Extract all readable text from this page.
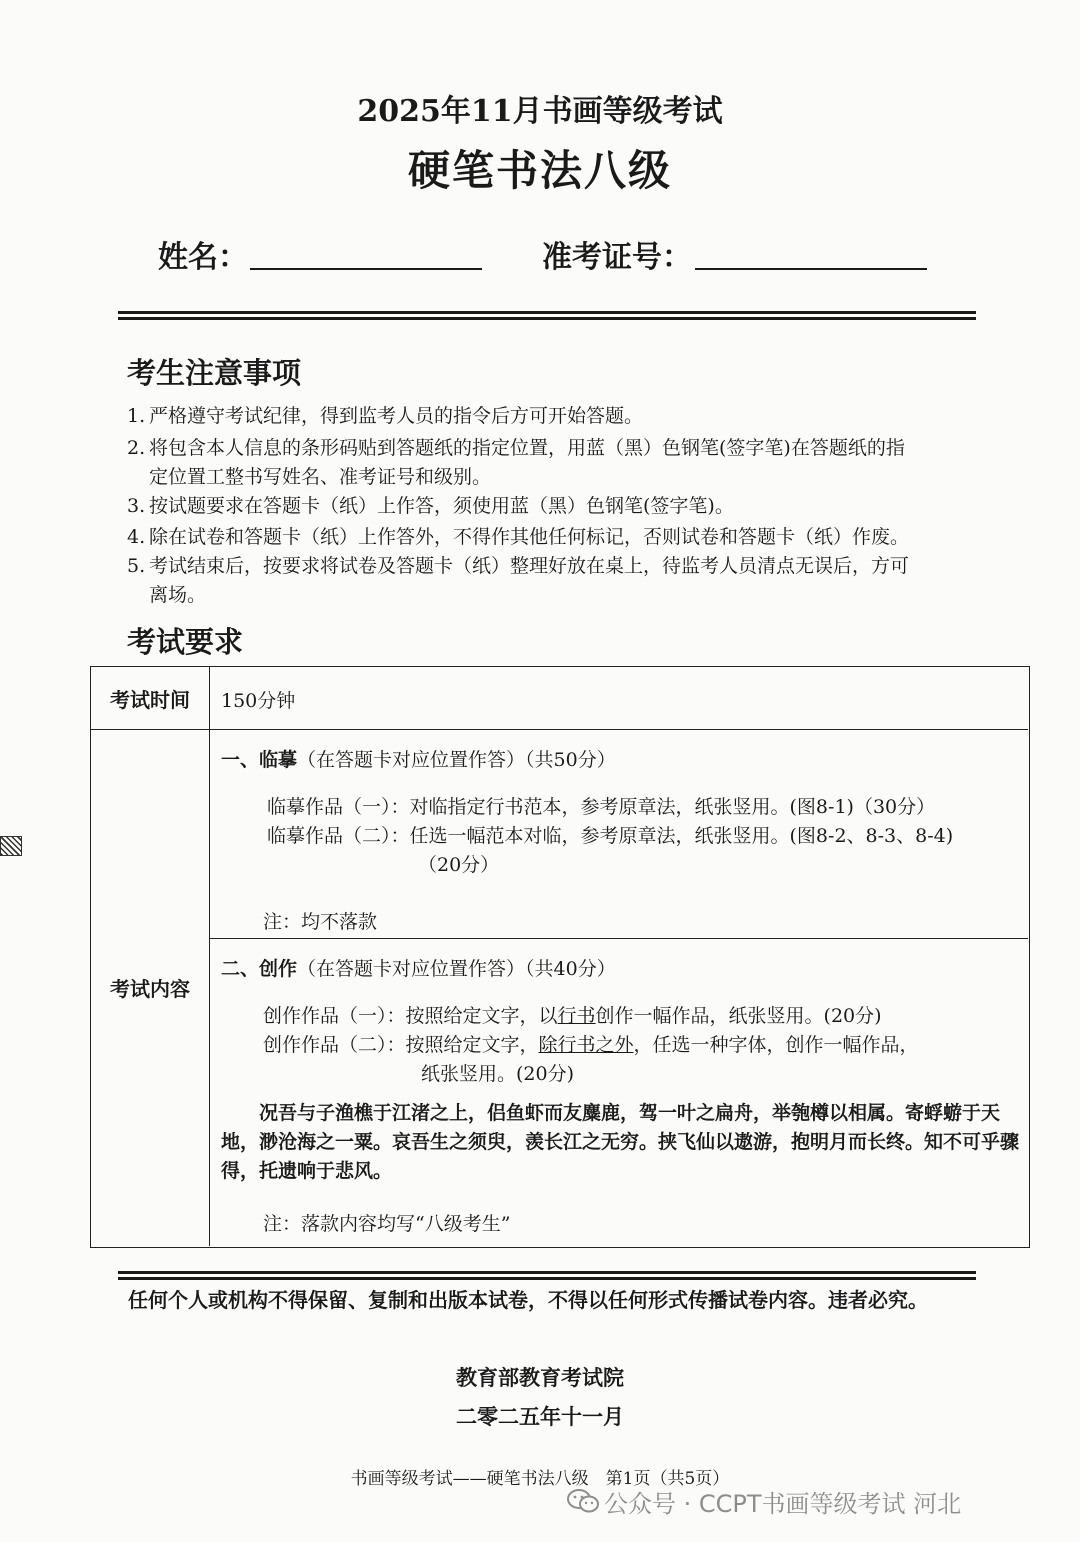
2025年11月书画等级考试
硬笔书法八级
姓名：	准考证号：
考生注意事项
1. 严格遵守考试纪律，得到监考人员的指令后方可开始答题。
2. 将包含本人信息的条形码贴到答题纸的指定位置，用蓝（黑）色钢笔(签字笔)在答题纸的指
定位置工整书写姓名、准考证号和级别。
3. 按试题要求在答题卡（纸）上作答，须使用蓝（黑）色钢笔(签字笔)。
4. 除在试卷和答题卡（纸）上作答外，不得作其他任何标记，否则试卷和答题卡（纸）作废。
5. 考试结束后，按要求将试卷及答题卡（纸）整理好放在桌上，待监考人员清点无误后，方可
离场。
考试要求
考试时间	150分钟
考试内容
一、临摹（在答题卡对应位置作答）（共50分）
临摹作品（一）：对临指定行书范本，参考原章法，纸张竖用。(图8-1)（30分）
临摹作品（二）：任选一幅范本对临，参考原章法，纸张竖用。(图8-2、8-3、8-4)
（20分）
注：均不落款
二、创作（在答题卡对应位置作答）（共40分）
创作作品（一）：按照给定文字，以行书创作一幅作品，纸张竖用。(20分)
创作作品（二）：按照给定文字，除行书之外，任选一种字体，创作一幅作品，
纸张竖用。(20分)
况吾与子渔樵于江渚之上，侣鱼虾而友麋鹿，驾一叶之扁舟，举匏樽以相属。寄蜉蝣于天地，渺沧海之一粟。哀吾生之须臾，羡长江之无穷。挟飞仙以遨游，抱明月而长终。知不可乎骤得，托遗响于悲风。
注：落款内容均写“八级考生”
任何个人或机构不得保留、复制和出版本试卷，不得以任何形式传播试卷内容。违者必究。
教育部教育考试院
二零二五年十一月
书画等级考试——硬笔书法八级　第1页（共5页）
公众号 · CCPT书画等级考试 河北
